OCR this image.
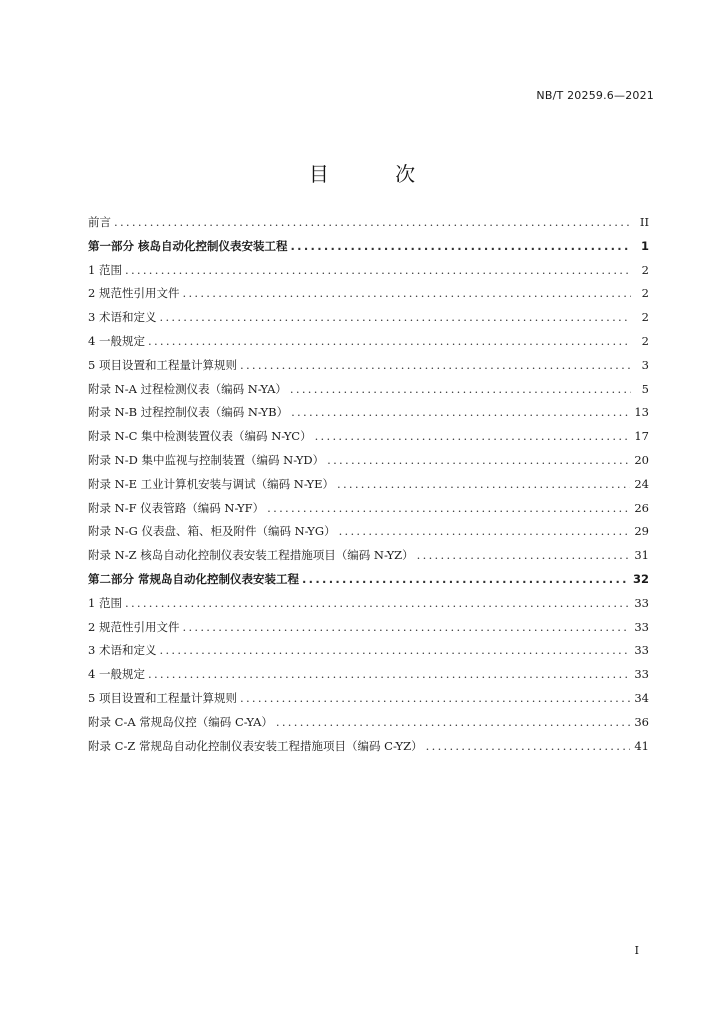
NB/T 20259.6—2021
目 次
前言 .....	II
第一部分 核岛自动化控制仪表安装工程 .....	1
1 范围 .....	2
2 规范性引用文件 .....	2
3 术语和定义 .....	2
4 一般规定 .....	2
5 项目设置和工程量计算规则 .....	3
附录 N-A 过程检测仪表（编码 N-YA） .....	5
附录 N-B 过程控制仪表（编码 N-YB） .....	13
附录 N-C 集中检测装置仪表（编码 N-YC） .....	17
附录 N-D 集中监视与控制装置（编码 N-YD） .....	20
附录 N-E 工业计算机安装与调试（编码 N-YE） .....	24
附录 N-F 仪表管路（编码 N-YF） .....	26
附录 N-G 仪表盘、箱、柜及附件（编码 N-YG） .....	29
附录 N-Z 核岛自动化控制仪表安装工程措施项目（编码 N-YZ） .....	31
第二部分 常规岛自动化控制仪表安装工程 .....	32
1 范围 .....	33
2 规范性引用文件 .....	33
3 术语和定义 .....	33
4 一般规定 .....	33
5 项目设置和工程量计算规则 .....	34
附录 C-A 常规岛仪控（编码 C-YA） .....	36
附录 C-Z 常规岛自动化控制仪表安装工程措施项目（编码 C-YZ） .....	41
I
